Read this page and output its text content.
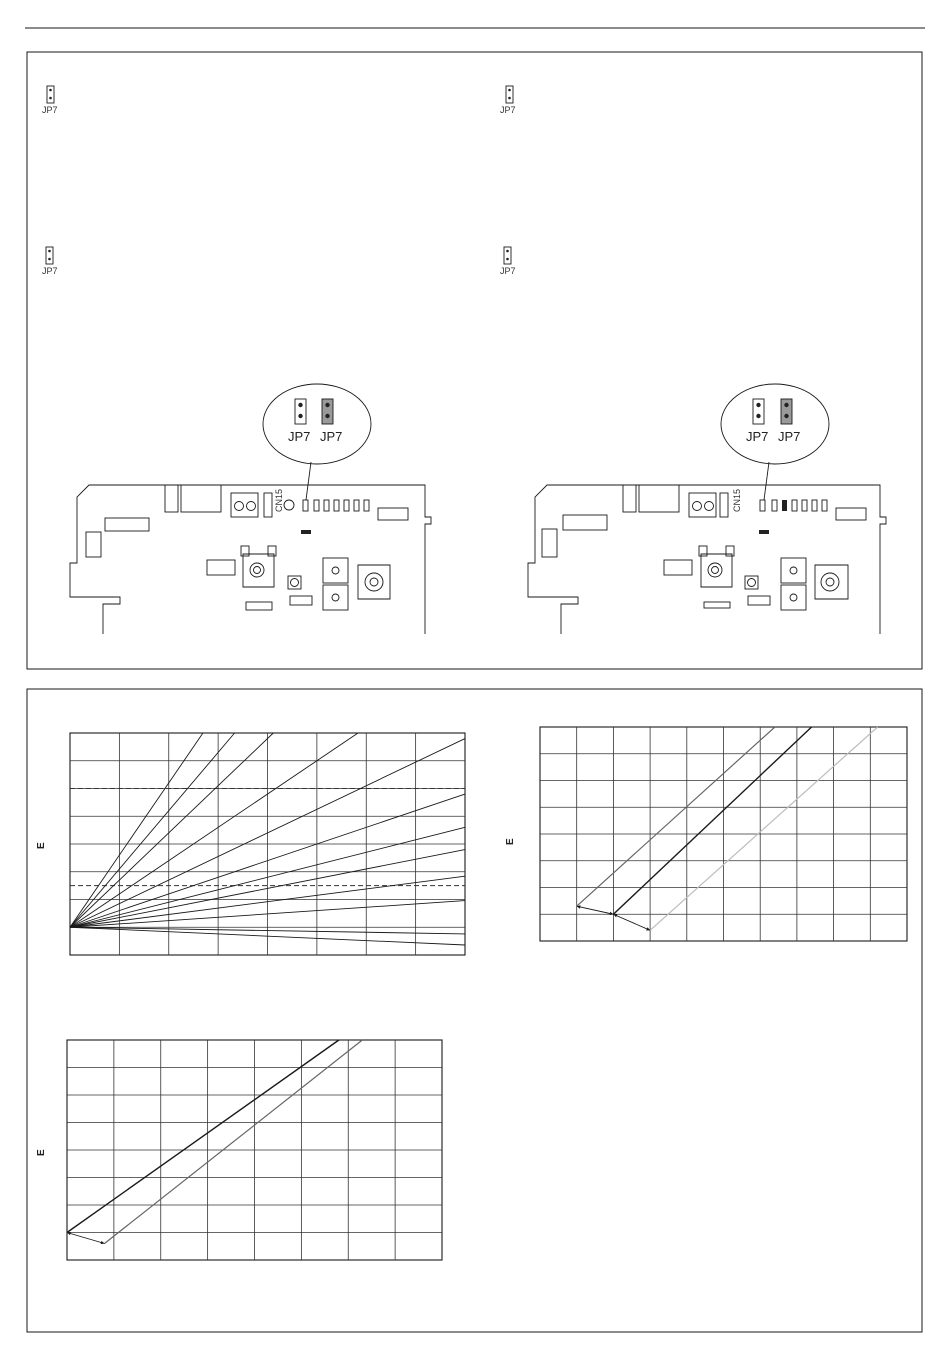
JP7	JP7
JP7	JP7
JP7 JP7
CN15
JP7 JP7
CN15
E
E
E
